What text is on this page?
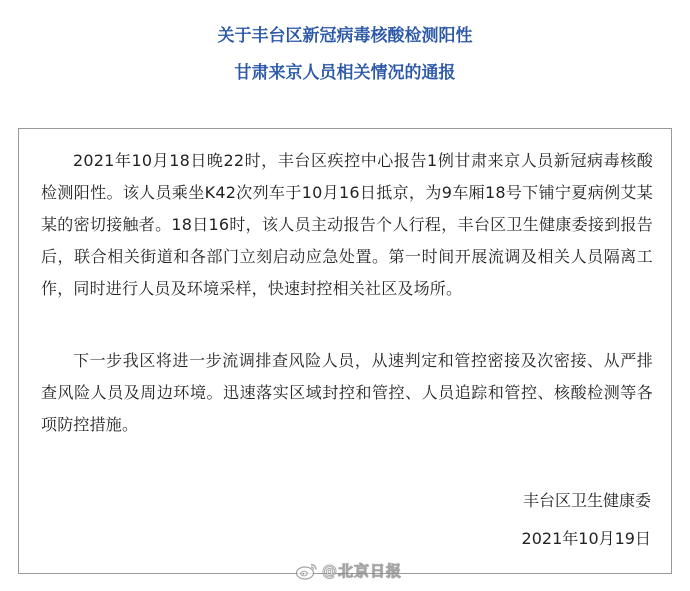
关于丰台区新冠病毒核酸检测阳性
甘肃来京人员相关情况的通报

2021年10月18日晚22时，丰台区疾控中心报告1例甘肃来京人员新冠病毒核酸检测阳性。该人员乘坐K42次列车于10月16日抵京，为9车厢18号下铺宁夏病例艾某某的密切接触者。18日16时，该人员主动报告个人行程，丰台区卫生健康委接到报告后，联合相关街道和各部门立刻启动应急处置。第一时间开展流调及相关人员隔离工作，同时进行人员及环境采样，快速封控相关社区及场所。

下一步我区将进一步流调排查风险人员，从速判定和管控密接及次密接、从严排查风险人员及周边环境。迅速落实区域封控和管控、人员追踪和管控、核酸检测等各项防控措施。

丰台区卫生健康委
2021年10月19日
@北京日报
